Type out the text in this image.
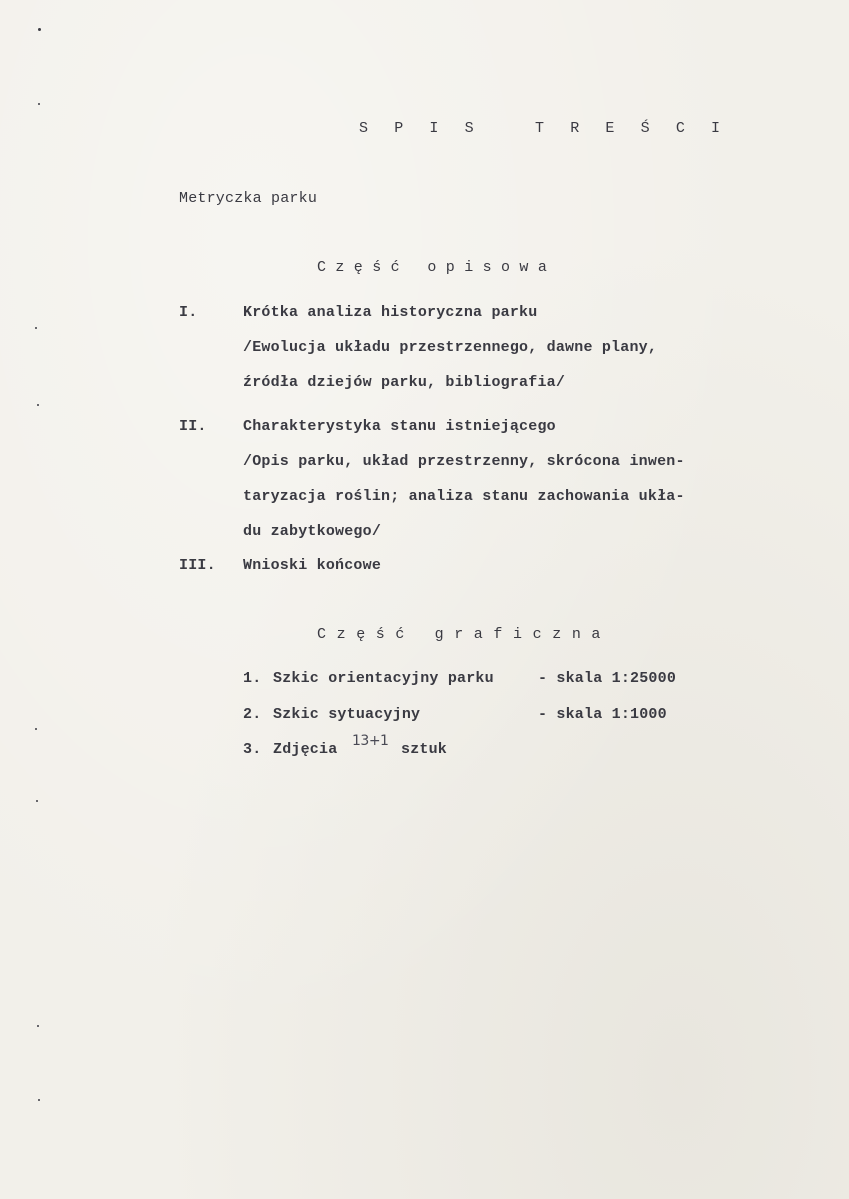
S P I S   T R E Ś C I
Metryczka parku
Część opisowa
I.	Krótka analiza historyczna parku
/Ewolucja układu przestrzennego, dawne plany,
źródła dziejów parku, bibliografia/
II. Charakterystyka stanu istniejącego
/Opis parku, układ przestrzenny, skrócona inwen-
taryzacja roślin; analiza stanu zachowania ukła-
du zabytkowego/
III. Wnioski końcowe
Część graficzna
1. Szkic orientacyjny parku	- skala 1:25000
2. Szkic sytuacyjny	- skala 1:1000
3. Zdjęcia 13+1 sztuk
